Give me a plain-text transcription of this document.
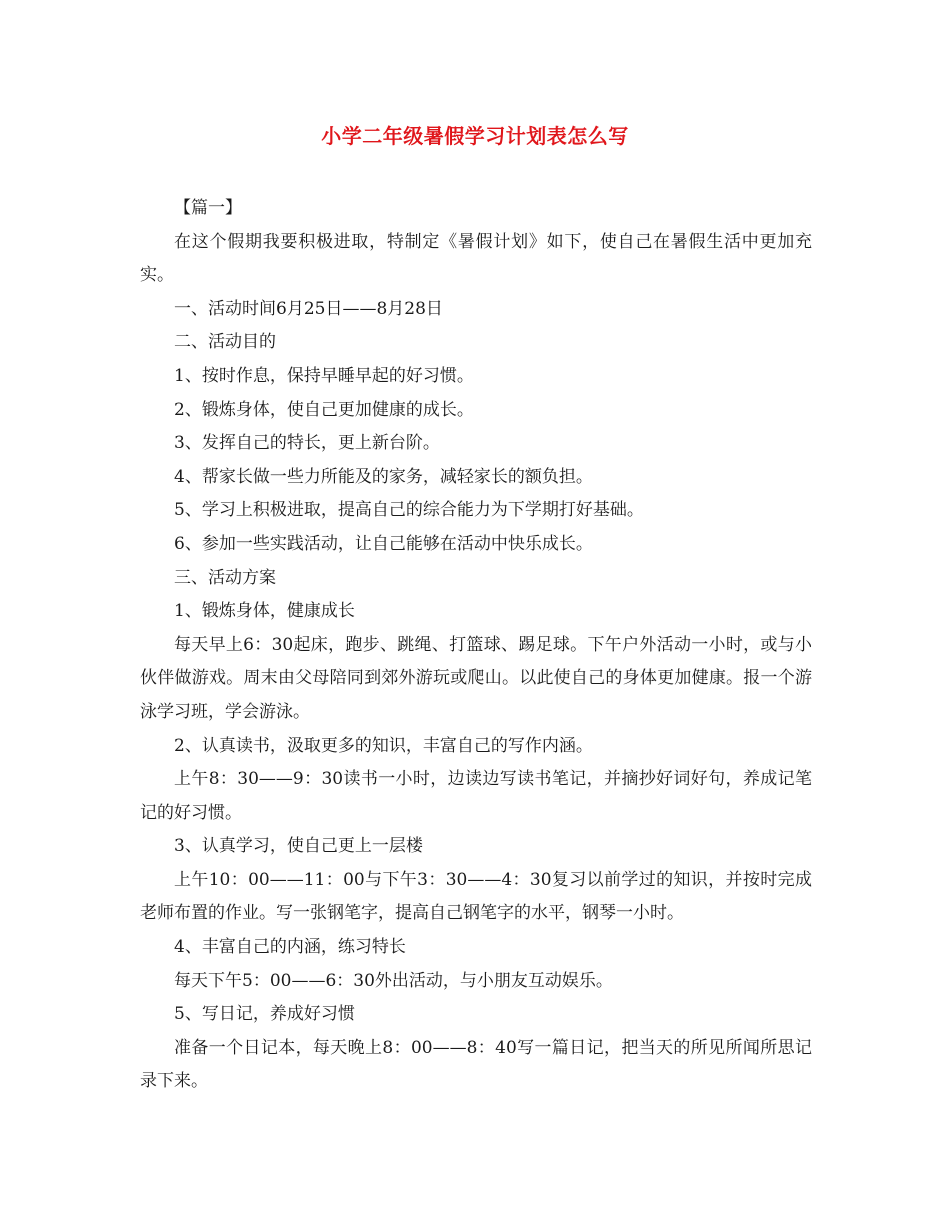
小学二年级暑假学习计划表怎么写

【篇一】

在这个假期我要积极进取，特制定《暑假计划》如下，使自己在暑假生活中更加充实。

一、活动时间6月25日——8月28日

二、活动目的

1、按时作息，保持早睡早起的好习惯。

2、锻炼身体，使自己更加健康的成长。

3、发挥自己的特长，更上新台阶。

4、帮家长做一些力所能及的家务，减轻家长的额负担。

5、学习上积极进取，提高自己的综合能力为下学期打好基础。

6、参加一些实践活动，让自己能够在活动中快乐成长。

三、活动方案

1、锻炼身体，健康成长

每天早上6：30起床，跑步、跳绳、打篮球、踢足球。下午户外活动一小时，或与小伙伴做游戏。周末由父母陪同到郊外游玩或爬山。以此使自己的身体更加健康。报一个游泳学习班，学会游泳。

2、认真读书，汲取更多的知识，丰富自己的写作内涵。

上午8：30——9：30读书一小时，边读边写读书笔记，并摘抄好词好句，养成记笔记的好习惯。

3、认真学习，使自己更上一层楼

上午10：00——11：00与下午3：30——4：30复习以前学过的知识，并按时完成老师布置的作业。写一张钢笔字，提高自己钢笔字的水平，钢琴一小时。

4、丰富自己的内涵，练习特长

每天下午5：00——6：30外出活动，与小朋友互动娱乐。

5、写日记，养成好习惯

准备一个日记本，每天晚上8：00——8：40写一篇日记，把当天的所见所闻所思记录下来。
